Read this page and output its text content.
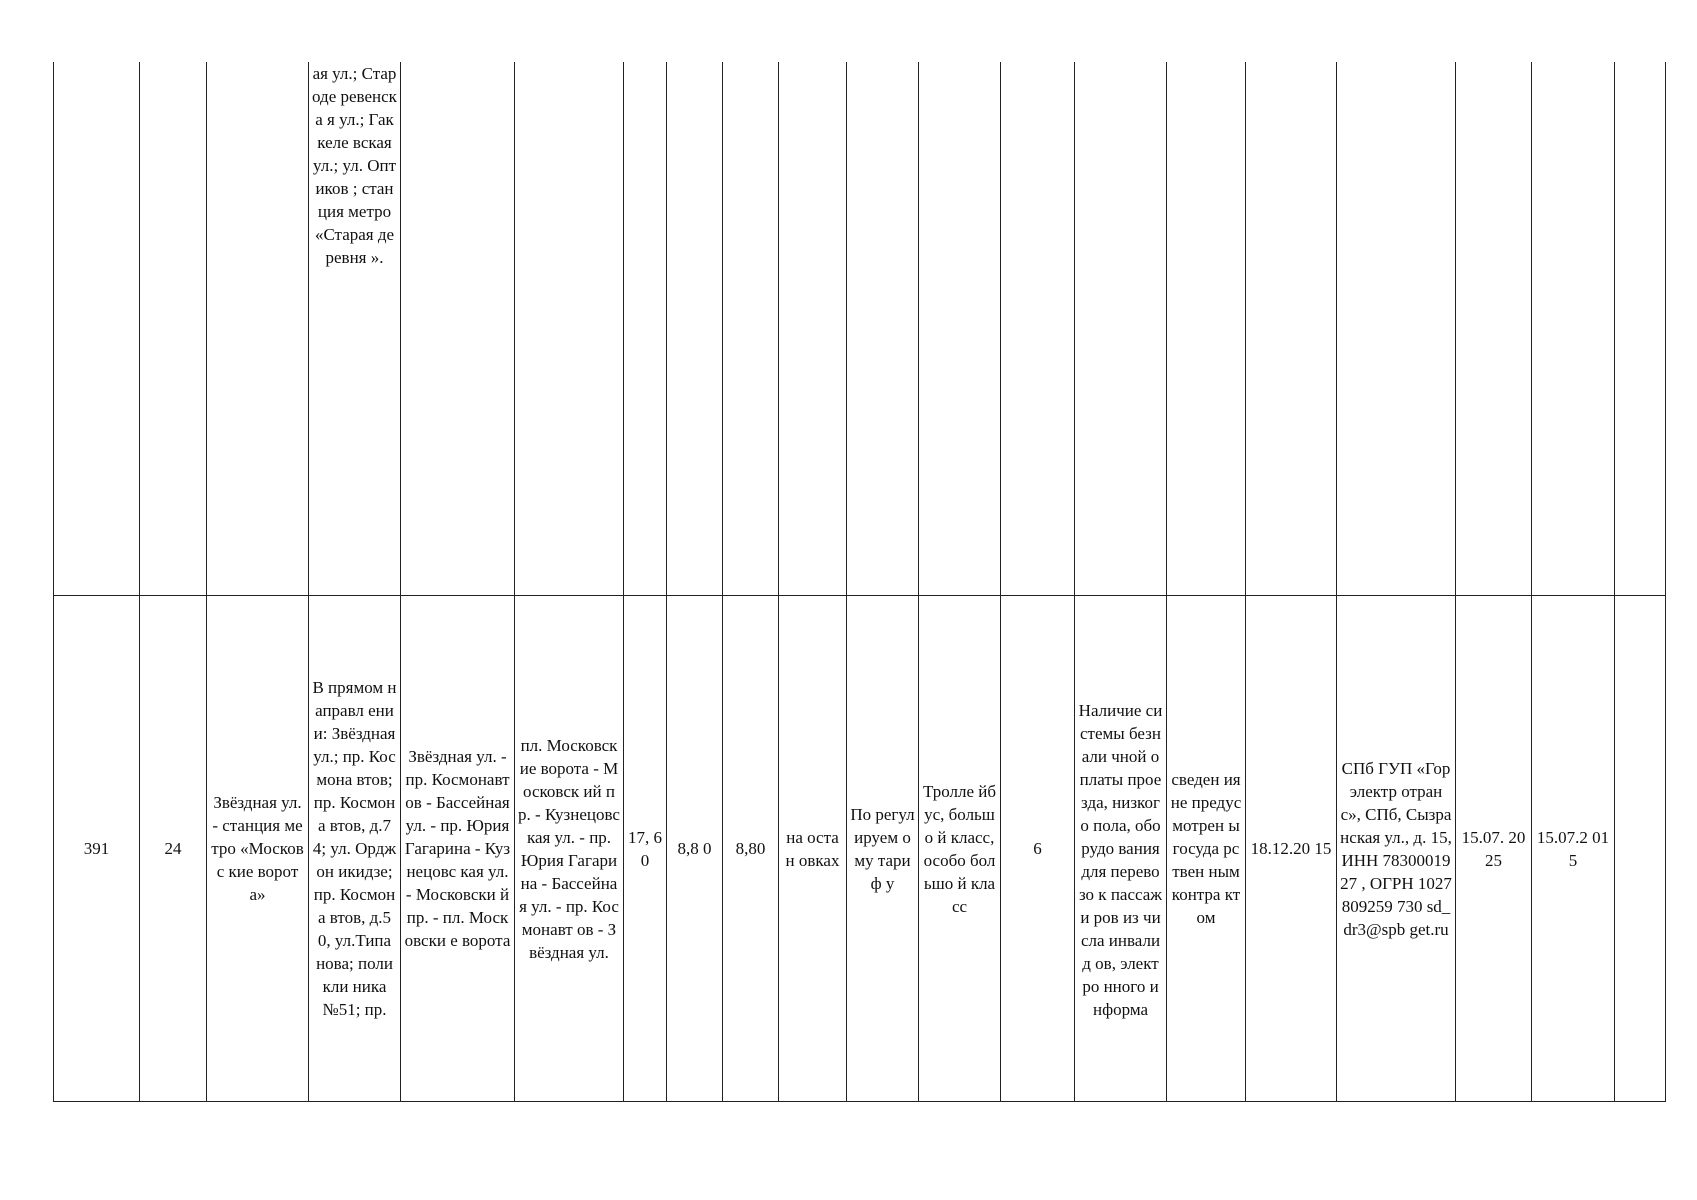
			ая ул.; Староде ревенска я ул.; Гаккеле вская ул.; ул. Оптиков ; станция метро «Старая деревня ».																

391	24	Звёздная ул. - станция метро «Московс кие ворота»	В прямом направл ении: Звёздная ул.; пр. Космона втов; пр. Космона втов, д.74; ул. Орджон икидзе; пр. Космона втов, д.50, ул.Типа нова; поликли ника №51; пр.	Звёздная ул. - пр. Космонавт ов - Бассейная ул. - пр. Юрия Гагарина - Кузнецовс кая ул. - Московски й пр. - пл. Московски е ворота	пл. Московск ие ворота - Московск ий пр. - Кузнецовс кая ул. - пр. Юрия Гагарина - Бассейная ул. - пр. Космонавт ов - Звёздная ул.	17, 60	8,8 0	8,80	на остан овках	По регул ируем ому тариф у	Тролле йбус, большо й класс, особо большо й класс	6	Наличие системы безнали чной оплаты проезда, низкого пола, оборудо вания для перевозо к пассажи ров из числа инвалид ов, электро нного информа	сведен ия не предус мотрен ы госуда рствен ным контра ктом	18.12.20 15	СПб ГУП «Горэлектр отранс», СПб, Сызранская ул., д. 15, ИНН 7830001927 , ОГРН 1027809259 730 sd_dr3@spb get.ru	15.07. 2025	15.07.2 015	
